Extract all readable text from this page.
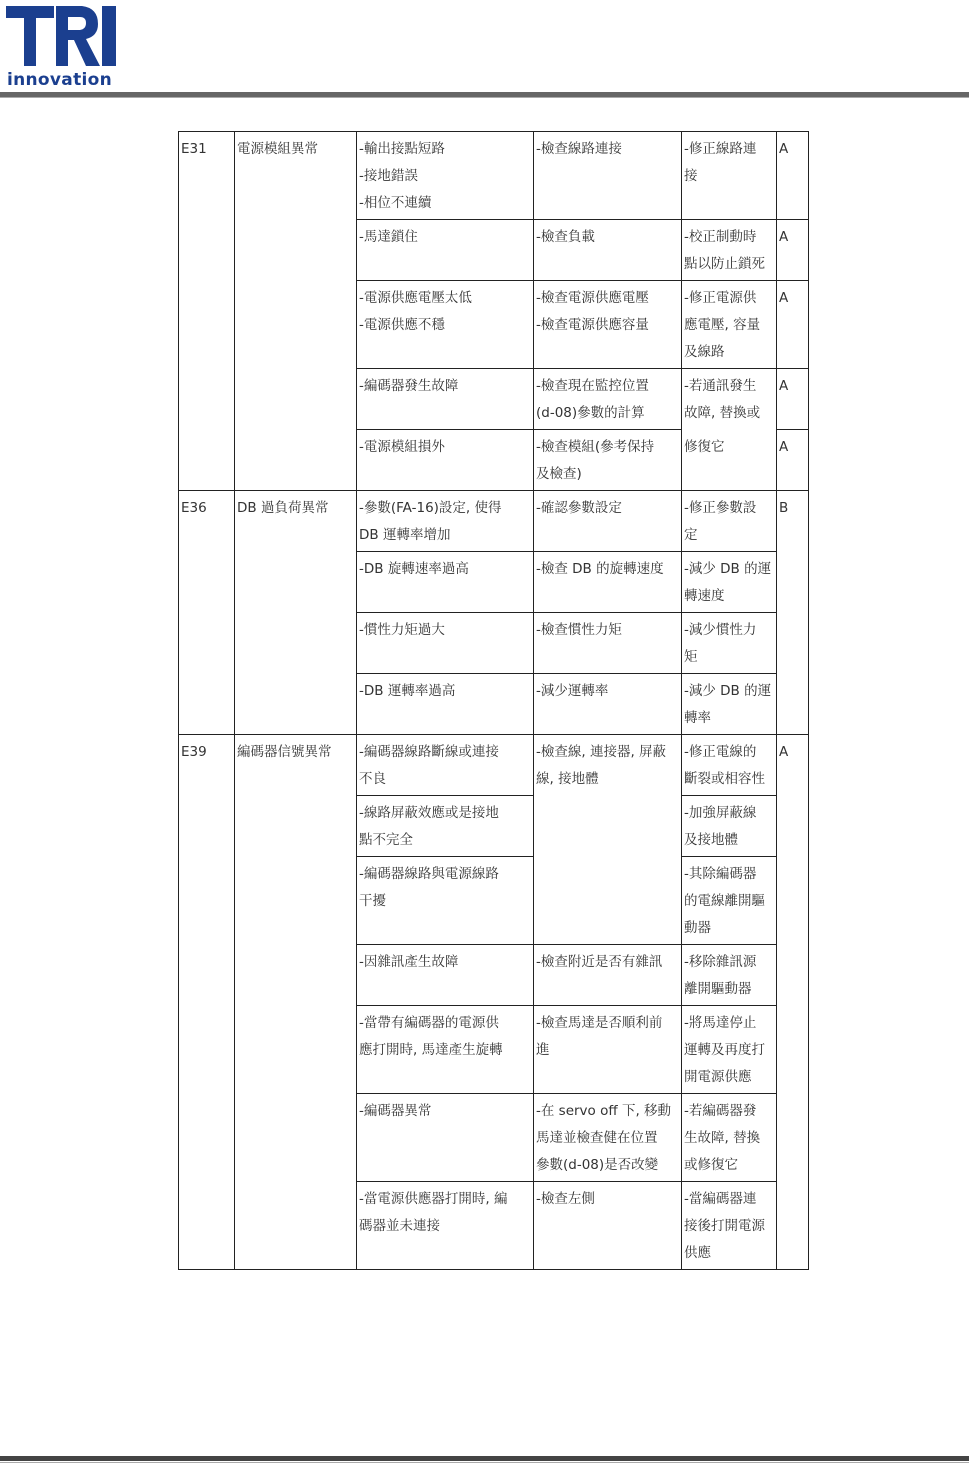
innovation
E31	電源模組異常	-輸出接點短路
-接地錯誤
-相位不連續	-檢查線路連接	-修正線路連
接	A

		-馬達鎖住	-檢查負載	-校正制動時
點以防止鎖死	A

		-電源供應電壓太低
-電源供應不穩	-檢查電源供應電壓
-檢查電源供應容量	-修正電源供
應電壓, 容量
及線路	A

		-編碼器發生故障	-檢查現在監控位置
(d-08)參數的計算	-若通訊發生
故障, 替換或	A

		-電源模組損外	-檢查模組(參考保持
及檢查)	修復它	A
E36	DB 過負荷異常	-參數(FA-16)設定, 使得
DB 運轉率增加	-確認參數設定	-修正參數設
定	B

		-DB 旋轉速率過高	-檢查 DB 的旋轉速度	-減少 DB 的運
轉速度	

		-慣性力矩過大	-檢查慣性力矩	-減少慣性力
矩	

		-DB 運轉率過高	-減少運轉率	-減少 DB 的運
轉率	

E39	編碼器信號異常	-編碼器線路斷線或連接
不良	-檢查線, 連接器, 屏蔽
線, 接地體	-修正電線的
斷裂或相容性	A

		-線路屏蔽效應或是接地
點不完全		-加強屏蔽線
及接地體	

		-編碼器線路與電源線路
干擾		-其除編碼器
的電線離開驅
動器	

		-因雜訊產生故障	-檢查附近是否有雜訊	-移除雜訊源
離開驅動器	

		-當帶有編碼器的電源供
應打開時, 馬達產生旋轉	-檢查馬達是否順利前
進	-將馬達停止
運轉及再度打
開電源供應	

		-編碼器異常	-在 servo off 下, 移動
馬達並檢查健在位置
參數(d-08)是否改變	-若編碼器發
生故障, 替換
或修復它	

		-當電源供應器打開時, 編
碼器並未連接	-檢查左側	-當編碼器連
接後打開電源
供應	
